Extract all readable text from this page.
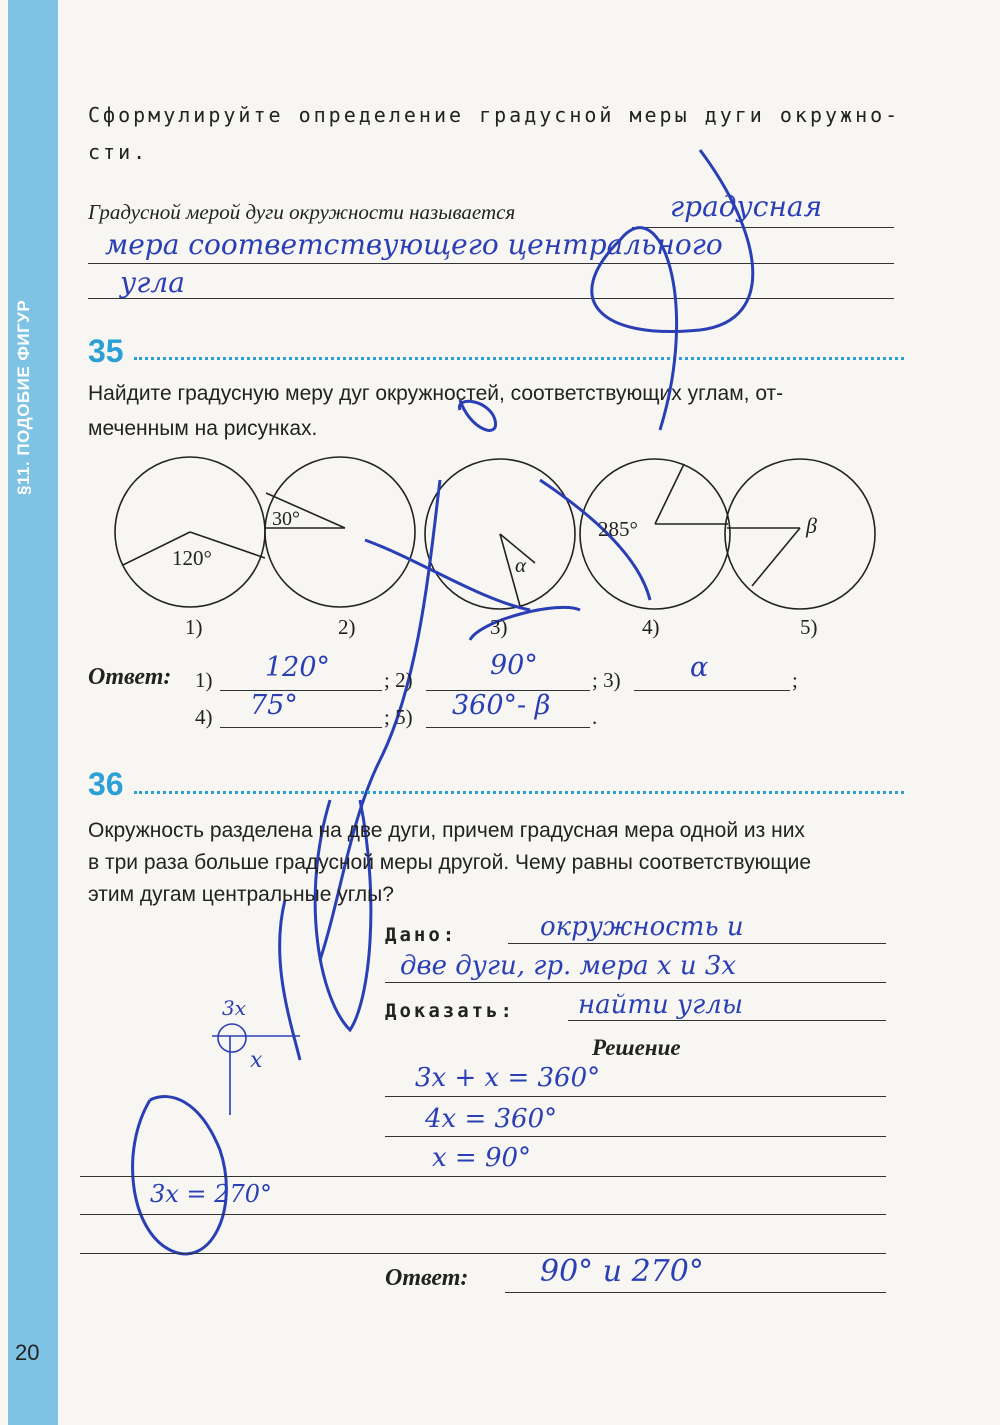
§11. ПОДОБИЕ ФИГУР
Сформулируйте определение градусной меры дуги окружно-
сти.
Градусной мерой дуги окружности называется	градусная
мера соответствующего центрального
угла
35
Найдите градусную меру дуг окружностей, соответствующих углам, от-
меченным на рисунках.
120°
30°
α
285°	β
1)	2)	3)	4)	5)
Ответ: 1) 120°	; 2)	90°	; 3)	α	;
4) 75°	; 5) 360°- β .
36
Окружность разделена на две дуги, причем градусная мера одной из них
в три раза больше градусной меры другой. Чему равны соответствующие
этим дугам центральные углы?
Дано:	окружность и
две дуги, гр. мера x и 3x
Доказать: найти углы
Решение
3x
x
3x + x = 360°
4x = 360°
x = 90°
3x = 270°
Ответ: 90° и 270°
20
